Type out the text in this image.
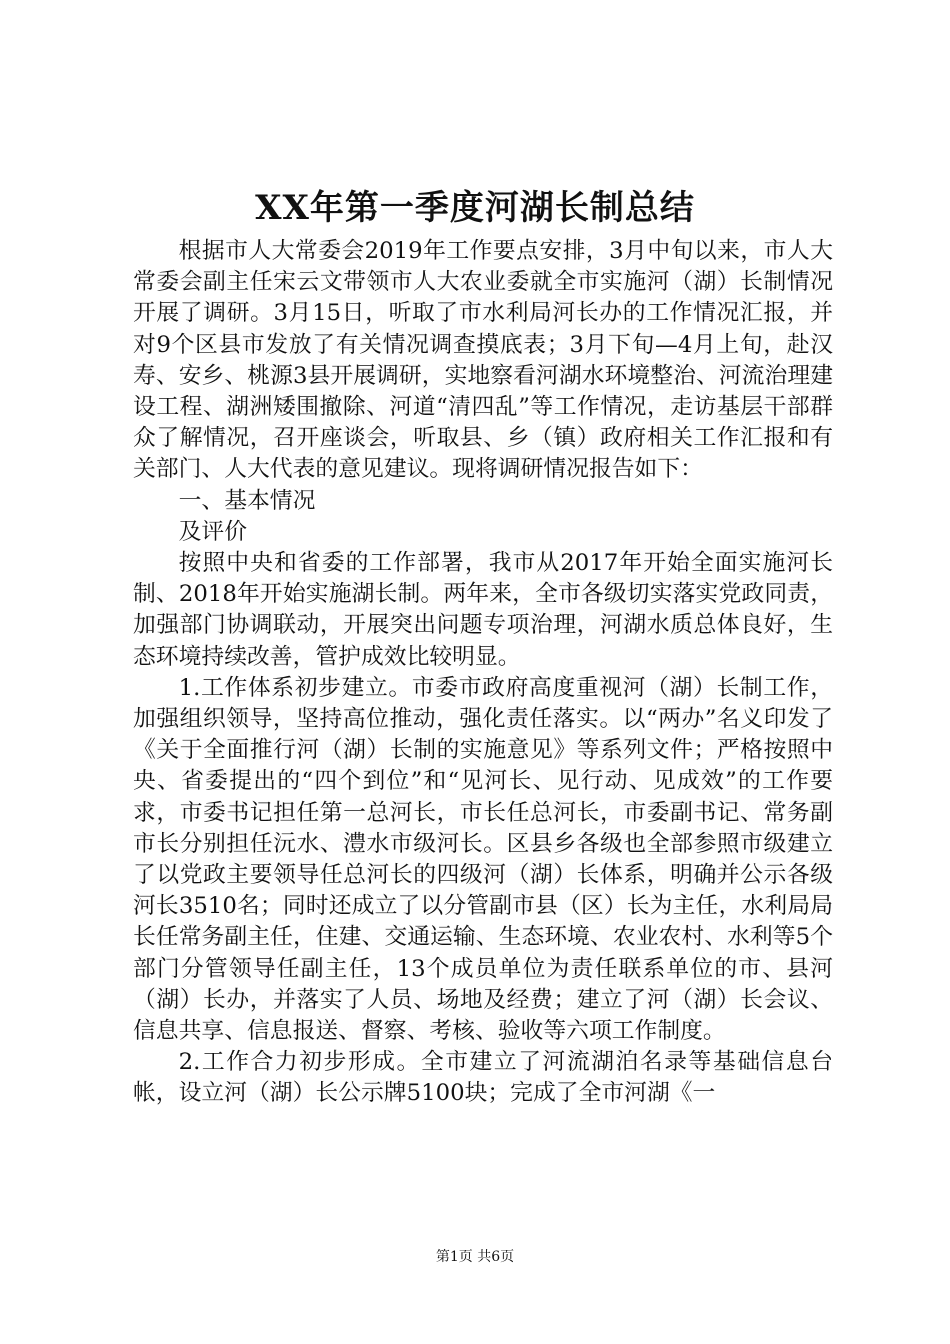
XX年第一季度河湖长制总结

根据市人大常委会2019年工作要点安排，3月中旬以来，市人大常委会副主任宋云文带领市人大农业委就全市实施河（湖）长制情况开展了调研。3月15日，听取了市水利局河长办的工作情况汇报，并对9个区县市发放了有关情况调查摸底表；3月下旬—4月上旬，赴汉寿、安乡、桃源3县开展调研，实地察看河湖水环境整治、河流治理建设工程、湖洲矮围撤除、河道“清四乱”等工作情况，走访基层干部群众了解情况，召开座谈会，听取县、乡（镇）政府相关工作汇报和有关部门、人大代表的意见建议。现将调研情况报告如下：

一、基本情况

及评价

按照中央和省委的工作部署，我市从2017年开始全面实施河长制、2018年开始实施湖长制。两年来，全市各级切实落实党政同责，加强部门协调联动，开展突出问题专项治理，河湖水质总体良好，生态环境持续改善，管护成效比较明显。

1.工作体系初步建立。市委市政府高度重视河（湖）长制工作，加强组织领导，坚持高位推动，强化责任落实。以“两办”名义印发了《关于全面推行河（湖）长制的实施意见》等系列文件；严格按照中央、省委提出的“四个到位”和“见河长、见行动、见成效”的工作要求，市委书记担任第一总河长，市长任总河长，市委副书记、常务副市长分别担任沅水、澧水市级河长。区县乡各级也全部参照市级建立了以党政主要领导任总河长的四级河（湖）长体系，明确并公示各级河长3510名；同时还成立了以分管副市县（区）长为主任，水利局局长任常务副主任，住建、交通运输、生态环境、农业农村、水利等5个部门分管领导任副主任，13个成员单位为责任联系单位的市、县河（湖）长办，并落实了人员、场地及经费；建立了河（湖）长会议、信息共享、信息报送、督察、考核、验收等六项工作制度。

2.工作合力初步形成。全市建立了河流湖泊名录等基础信息台帐，设立河（湖）长公示牌5100块；完成了全市河湖《一

第1页 共6页
